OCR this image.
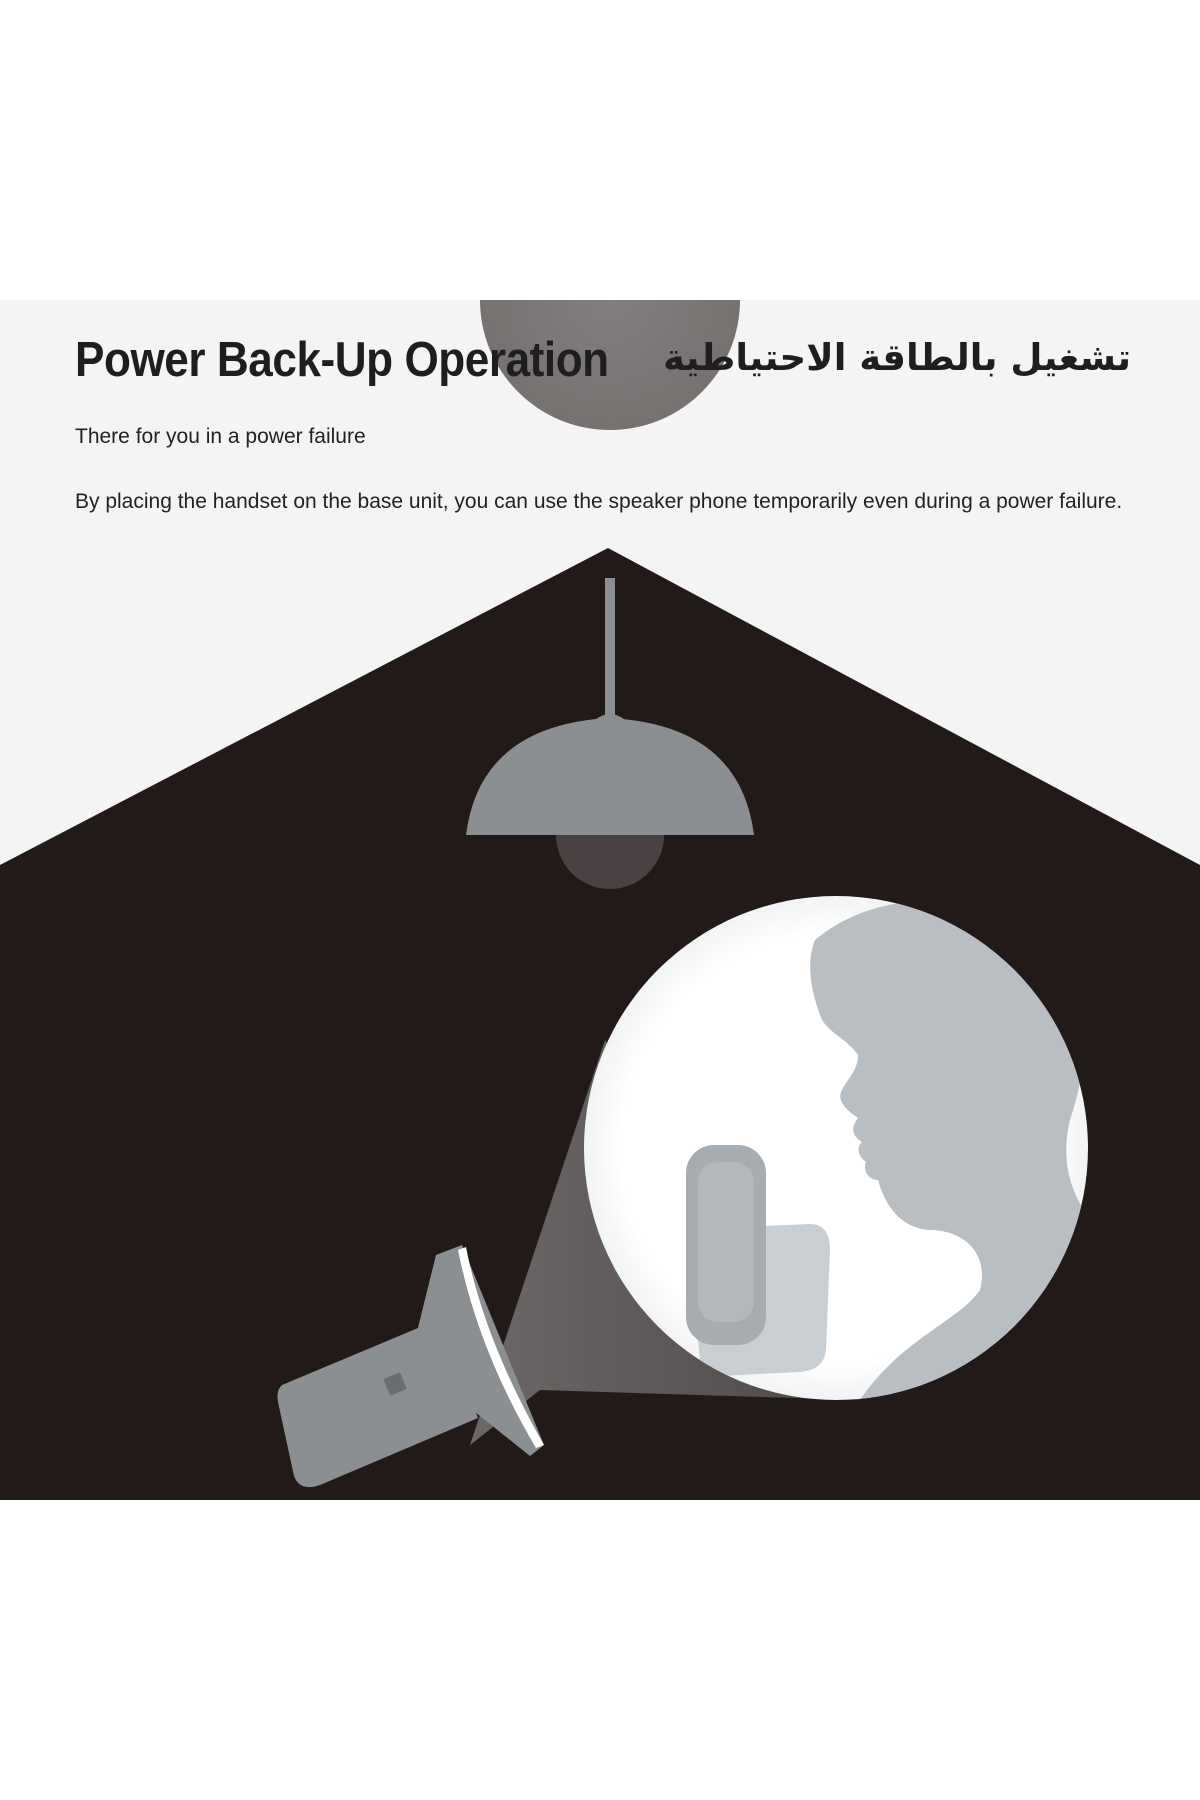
Power Back-Up Operation تشغيل بالطاقة الاحتياطية
There for you in a power failure
By placing the handset on the base unit, you can use the speaker phone temporarily even during a power failure.
